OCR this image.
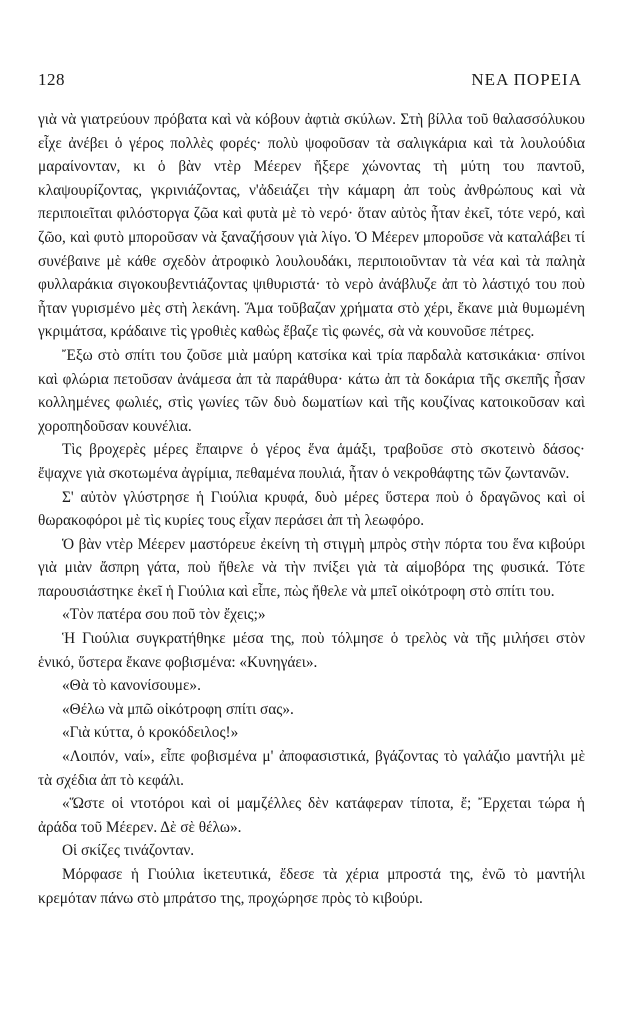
128	ΝΕΑ ΠΟΡΕΙΑ

γιὰ νὰ γιατρεύουν πρόβατα καὶ νὰ κόβουν ἀφτιὰ σκύλων. Στὴ βίλλα τοῦ θαλασσόλυκου εἶχε ἀνέβει ὁ γέρος πολλὲς φορές· πολὺ ψοφοῦσαν τὰ σαλιγκάρια καὶ τὰ λουλούδια μαραίνονταν, κι ὁ βὰν ντὲρ Μέερεν ἤξερε χώνοντας τὴ μύτη του παντοῦ, κλαψουρίζοντας, γκρινιάζοντας, ν'ἀδειάζει τὴν κάμαρη ἀπ τοὺς ἀνθρώπους καὶ νὰ περιποιεῖται φιλόστοργα ζῶα καὶ φυτὰ μὲ τὸ νερό· ὅταν αὐτὸς ἦταν ἐκεῖ, τότε νερό, καὶ ζῶο, καὶ φυτὸ μποροῦσαν νὰ ξαναζήσουν γιὰ λίγο. Ὁ Μέερεν μποροῦσε νὰ καταλάβει τί συνέβαινε μὲ κάθε σχεδὸν ἀτροφικὸ λουλουδάκι, περιποιοῦνταν τὰ νέα καὶ τὰ παληὰ φυλλαράκια σιγοκουβεντιάζοντας ψιθυριστά· τὸ νερὸ ἀνάβλυζε ἀπ τὸ λάστιχό του ποὺ ἦταν γυρισμένο μὲς στὴ λεκάνη. Ἅμα τοῦβαζαν χρήματα στὸ χέρι, ἔκανε μιὰ θυμωμένη γκριμάτσα, κράδαινε τὶς γροθιὲς καθὼς ἔβαζε τὶς φωνές, σὰ νὰ κουνοῦσε πέτρες.

Ἔξω στὸ σπίτι του ζοῦσε μιὰ μαύρη κατσίκα καὶ τρία παρδαλὰ κατσικάκια· σπίνοι καὶ φλώρια πετοῦσαν ἀνάμεσα ἀπ τὰ παράθυρα· κάτω ἀπ τὰ δοκάρια τῆς σκεπῆς ἦσαν κολλημένες φωλιές, στὶς γωνίες τῶν δυὸ δωματίων καὶ τῆς κουζίνας κατοικοῦσαν καὶ χοροπηδοῦσαν κουνέλια.

Τὶς βροχερὲς μέρες ἔπαιρνε ὁ γέρος ἕνα ἁμάξι, τραβοῦσε στὸ σκοτεινὸ δάσος· ἔψαχνε γιὰ σκοτωμένα ἀγρίμια, πεθαμένα πουλιά, ἦταν ὁ νεκροθάφτης τῶν ζωντανῶν.

Σ' αὐτὸν γλύστρησε ἡ Γιούλια κρυφά, δυὸ μέρες ὕστερα ποὺ ὁ δραγῶνος καὶ οἱ θωρακοφόροι μὲ τὶς κυρίες τους εἶχαν περάσει ἀπ τὴ λεωφόρο.

Ὁ βὰν ντὲρ Μέερεν μαστόρευε ἐκείνη τὴ στιγμὴ μπρὸς στὴν πόρτα του ἕνα κιβούρι γιὰ μιὰν ἄσπρη γάτα, ποὺ ἤθελε νὰ τὴν πνίξει γιὰ τὰ αἱμοβόρα της φυσικά. Τότε παρουσιάστηκε ἐκεῖ ἡ Γιούλια καὶ εἶπε, πὼς ἤθελε νὰ μπεῖ οἰκότροφη στὸ σπίτι του.

«Τὸν πατέρα σου ποῦ τὸν ἔχεις;»

Ἡ Γιούλια συγκρατήθηκε μέσα της, ποὺ τόλμησε ὁ τρελὸς νὰ τῆς μιλήσει στὸν ἑνικό, ὕστερα ἔκανε φοβισμένα: «Κυνηγάει».

«Θὰ τὸ κανονίσουμε».

«Θέλω νὰ μπῶ οἰκότροφη σπίτι σας».

«Γιὰ κύττα, ὁ κροκόδειλος!»

«Λοιπόν, ναί», εἶπε φοβισμένα μ' ἀποφασιστικά, βγάζοντας τὸ γαλάζιο μαντήλι μὲ τὰ σχέδια ἀπ τὸ κεφάλι.

«Ὥστε οἱ ντοτόροι καὶ οἱ μαμζέλλες δὲν κατάφεραν τίποτα, ἔ; Ἔρχεται τώρα ἡ ἀράδα τοῦ Μέερεν. Δὲ σὲ θέλω».

Οἱ σκίζες τινάζονταν.

Μόρφασε ἡ Γιούλια ἱκετευτικά, ἔδεσε τὰ χέρια μπροστά της, ἐνῶ τὸ μαντήλι κρεμόταν πάνω στὸ μπράτσο της, προχώρησε πρὸς τὸ κιβούρι.
